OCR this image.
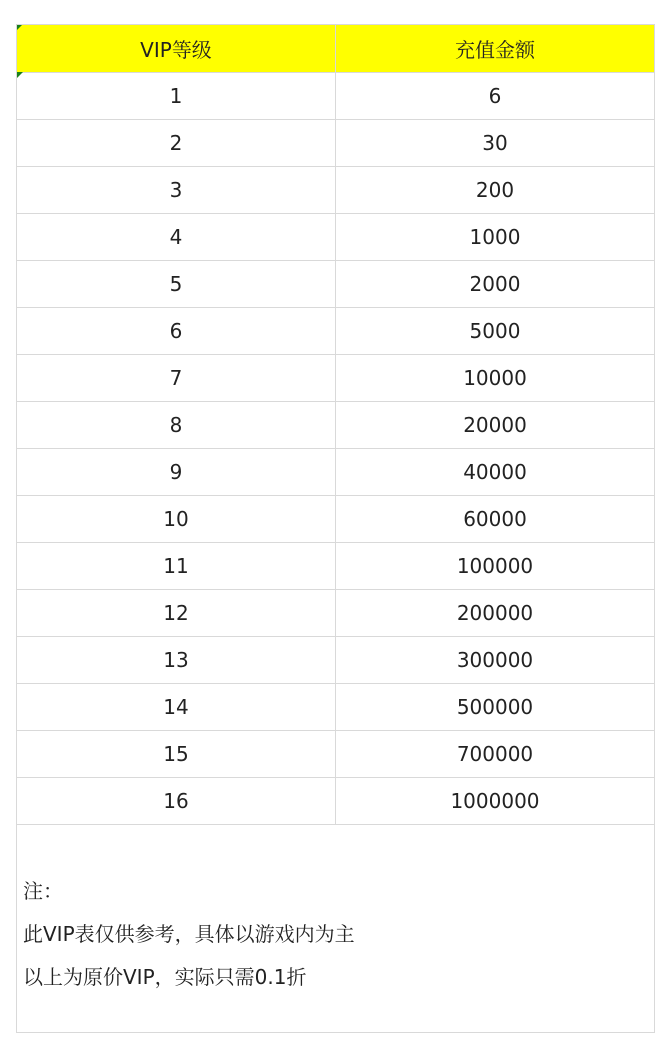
VIP等级	充值金额
1	6
2	30
3	200
4	1000
5	2000
6	5000
7	10000
8	20000
9	40000
10	60000
11	100000
12	200000
13	300000
14	500000
15	700000
16	1000000
注：
此VIP表仅供参考，具体以游戏内为主
以上为原价VIP，实际只需0.1折
